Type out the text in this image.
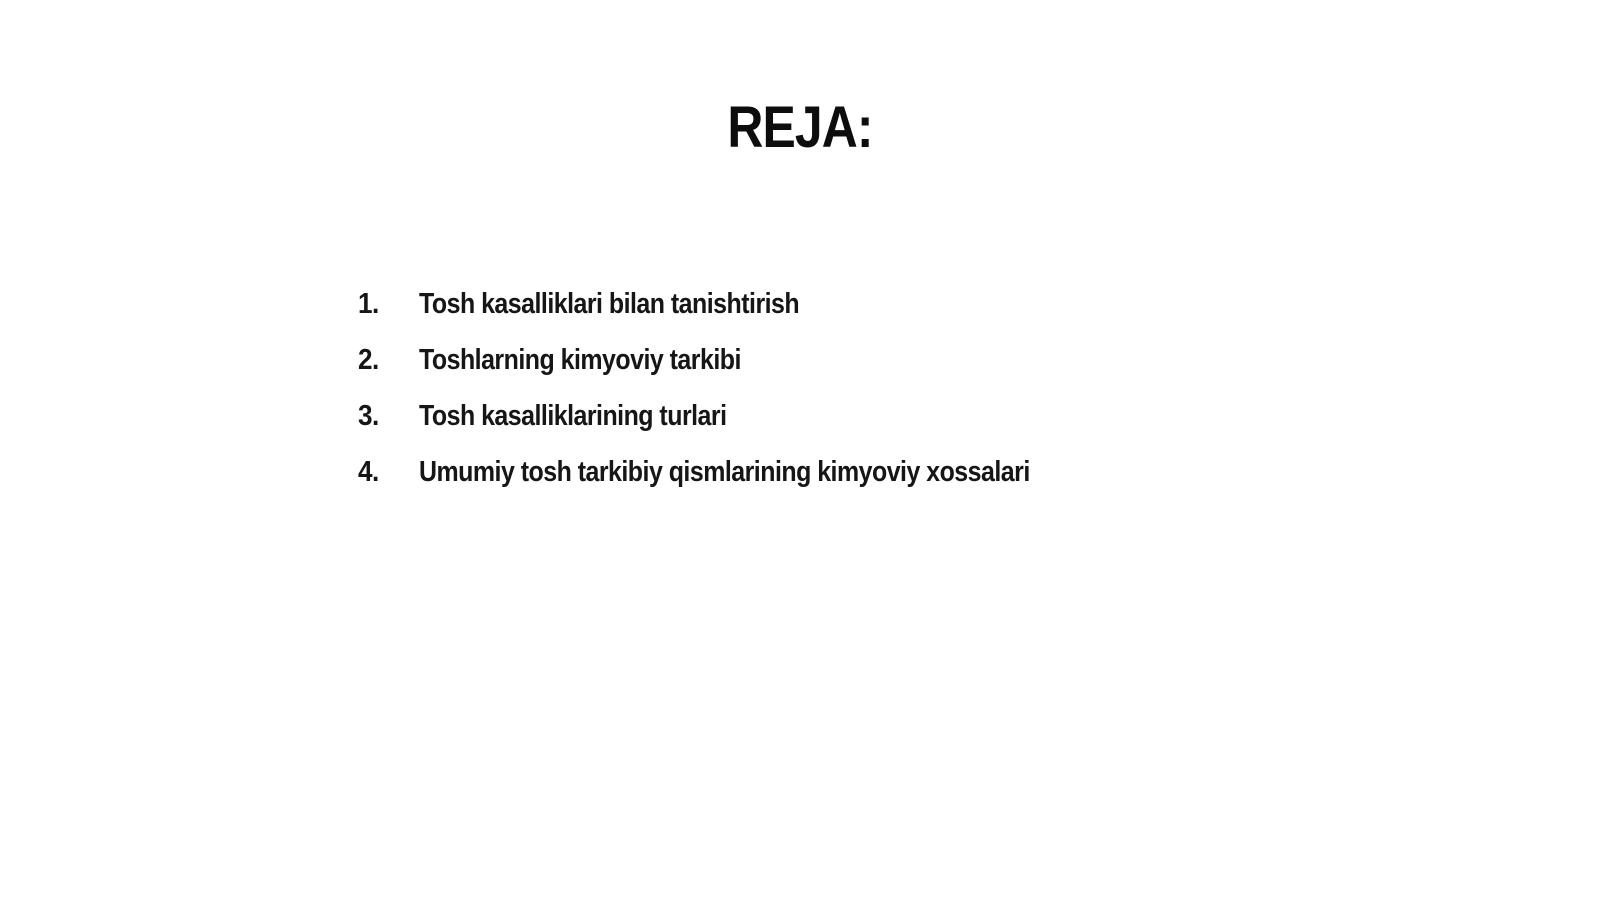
REJA:
1.	Tosh kasalliklari bilan tanishtirish
2.	Toshlarning kimyoviy tarkibi
3.	Tosh kasalliklarining turlari
4.	Umumiy tosh tarkibiy qismlarining kimyoviy xossalari
